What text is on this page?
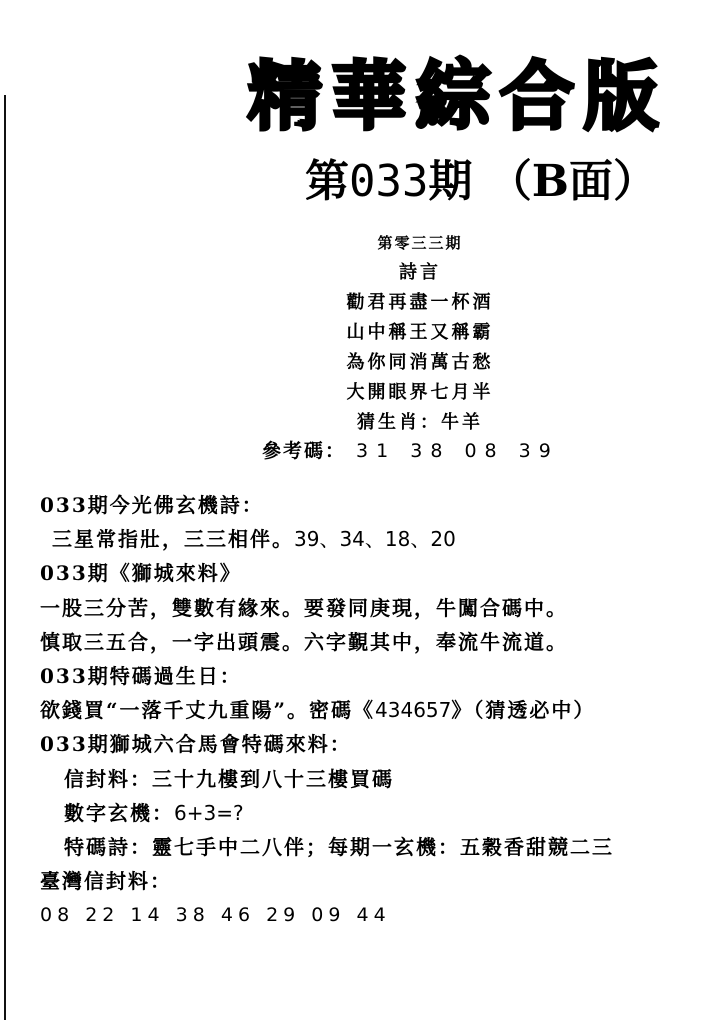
精華綜合版
第033期 （B面）
第零三三期
詩言
勸君再盡一杯酒
山中稱王又稱霸
為你同消萬古愁
大開眼界七月半
猜生肖：牛羊
參考碼： 31 38 08 39
033期今光佛玄機詩：
三星常指壯，三三相伴。39、34、18、20
033期《獅城來料》
一股三分苦，雙數有緣來。要發同庚現，牛闖合碼中。
慎取三五合，一字出頭震。六字覲其中，奉流牛流道。
033期特碼過生日：
欲錢買“一落千丈九重陽”。密碼《434657》（猜透必中）
033期獅城六合馬會特碼來料：
信封料：三十九樓到八十三樓買碼
數字玄機：6+3=?
特碼詩：靈七手中二八伴；每期一玄機：五穀香甜競二三
臺灣信封料：
08 22 14 38 46 29 09 44
